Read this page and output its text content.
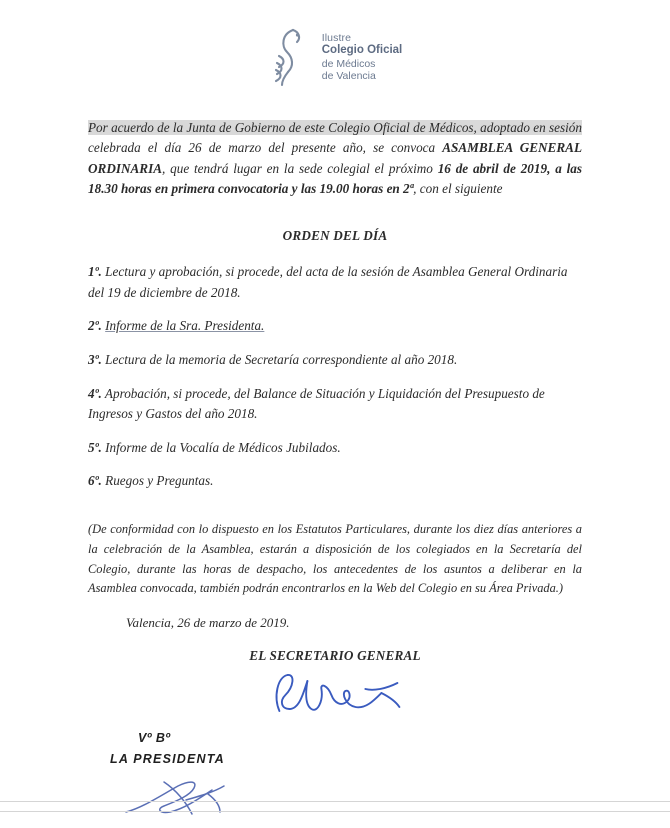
Ilustre
Colegio Oficial
de Médicos
de Valencia

Por acuerdo de la Junta de Gobierno de este Colegio Oficial de Médicos, adoptado en sesión celebrada el día 26 de marzo del presente año, se convoca ASAMBLEA GENERAL ORDINARIA, que tendrá lugar en la sede colegial el próximo 16 de abril de 2019, a las 18.30 horas en primera convocatoria y las 19.00 horas en 2ª, con el siguiente

ORDEN DEL DÍA

1º. Lectura y aprobación, si procede, del acta de la sesión de Asamblea General Ordinaria del 19 de diciembre de 2018.

2º. Informe de la Sra. Presidenta.

3º. Lectura de la memoria de Secretaría correspondiente al año 2018.

4º. Aprobación, si procede, del Balance de Situación y Liquidación del Presupuesto de Ingresos y Gastos del año 2018.

5º. Informe de la Vocalía de Médicos Jubilados.

6º. Ruegos y Preguntas.

(De conformidad con lo dispuesto en los Estatutos Particulares, durante los diez días anteriores a la celebración de la Asamblea, estarán a disposición de los colegiados en la Secretaría del Colegio, durante las horas de despacho, los antecedentes de los asuntos a deliberar en la Asamblea convocada, también podrán encontrarlos en la Web del Colegio en su Área Privada.)

Valencia, 26 de marzo de 2019.

EL SECRETARIO GENERAL
Vº Bº
LA PRESIDENTA
